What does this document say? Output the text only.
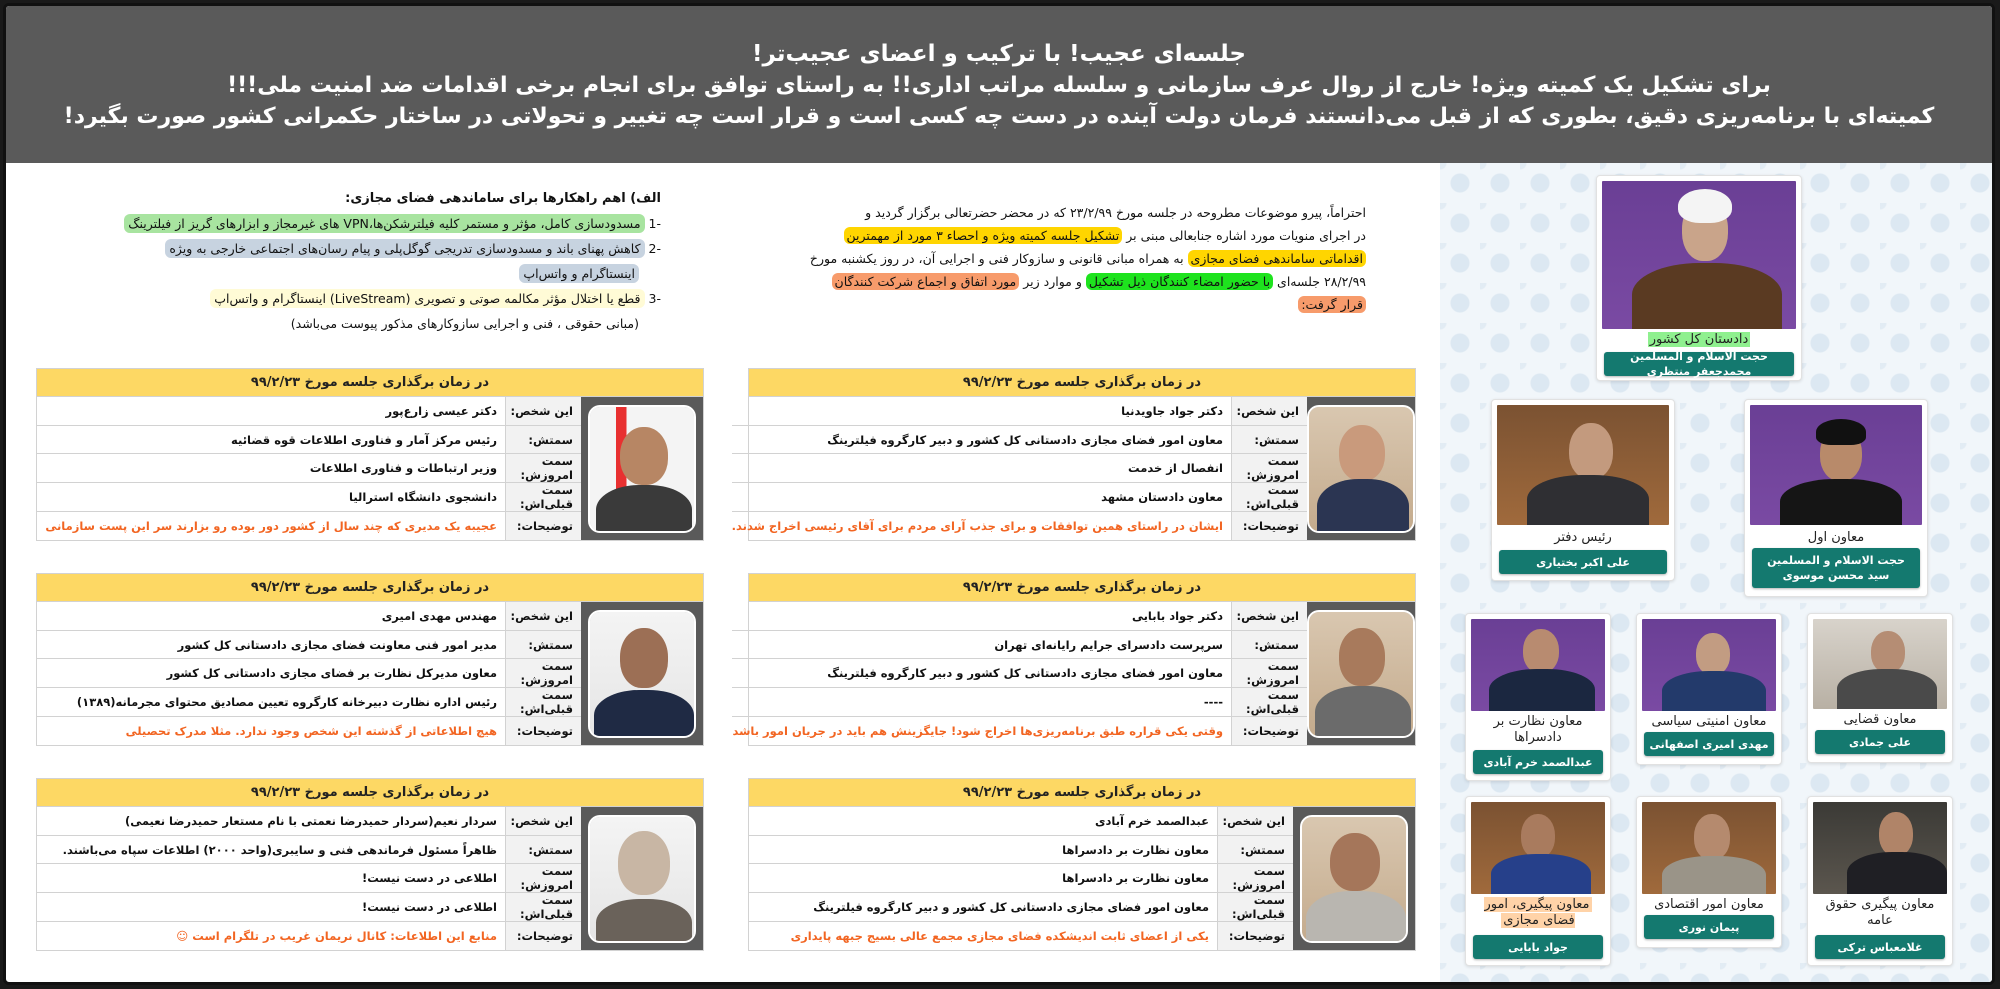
جلسه‌ای عجیب! با ترکیب و اعضای عجیب‌تر!
برای تشکیل یک کمیته ویژه! خارج از روال عرف سازمانی و سلسله مراتب اداری!! به راستای توافق برای انجام برخی اقدامات ضد امنیت ملی!!!
کمیته‌ای با برنامه‌ریزی دقیق، بطوری که از قبل می‌دانستند فرمان دولت آینده در دست چه کسی است و قرار است چه تغییر و تحولاتی در ساختار حکمرانی کشور صورت بگیرد!
الف) اهم راهکارها برای ساماندهی فضای مجازی:
-1مسدودسازی کامل، مؤثر و مستمر کلیه فیلترشکن‌ها،VPN های غیرمجاز و ابزارهای گریز از فیلترینگ
-2کاهش پهنای باند و مسدودسازی تدریجی گوگل‌پلی و پیام رسان‌های اجتماعی خارجی به ویژه
اینستاگرام و واتس‌اپ
-3قطع یا اختلال مؤثر مکالمه صوتی و تصویری (LiveStream) اینستاگرام و واتس‌اپ
(مبانی حقوقی ، فنی و اجرایی سازوکارهای مذکور پیوست می‌باشد)
احتراماً، پیرو موضوعات مطروحه در جلسه مورخ ۲۳/۲/۹۹ که در محضر حضرتعالی برگزار گردید و
در اجرای منویات مورد اشاره جنابعالی مبنی بر تشکیل جلسه کمیته ویژه و احصاء ۳ مورد از مهمترین
اقداماتی ساماندهی فضای مجازی به همراه مبانی قانونی و سازوکار فنی و اجرایی آن، در روز یکشنبه مورخ
۲۸/۲/۹۹ جلسه‌ای با حضور امضاء کنندگان ذیل تشکیل و موارد زیر مورد اتفاق و اجماع شرکت کنندگان
قرار گرفت:
در زمان برگذاری جلسه مورخ ۹۹/۲/۲۳
این شخص:
دکتر جواد جاویدنیا
سمتش:
معاون امور فضای مجازی دادستانی کل کشور و دبیر کارگروه فیلترینگ
سمت امروزش:
انفصال از خدمت
سمت قبلی‌اش:
معاون دادستان مشهد
توضیحات:
ایشان در راستای همین توافقات و برای جذب آرای مردم برای آقای رئیسی اخراج شدند.
در زمان برگذاری جلسه مورخ ۹۹/۲/۲۳
این شخص:
دکتر عیسی زارع‌پور
سمتش:
رئیس مرکز آمار و فناوری اطلاعات قوه قضائیه
سمت امروزش:
وزیر ارتباطات و فناوری اطلاعات
سمت قبلی‌اش:
دانشجوی دانشگاه استرالیا
توضیحات:
عجیبه یک مدیری که چند سال از کشور دور بوده رو بزارند سر این پست سازمانی
در زمان برگذاری جلسه مورخ ۹۹/۲/۲۳
این شخص:
دکتر جواد بابایی
سمتش:
سرپرست دادسرای جرایم رایانه‌ای تهران
سمت امروزش:
معاون امور فضای مجازی دادستانی کل کشور و دبیر کارگروه فیلترینگ
سمت قبلی‌اش:
----
توضیحات:
وقتی یکی قراره طبق برنامه‌ریزی‌ها اخراج شود! جایگزینش هم باید در جریان امور باشد
در زمان برگذاری جلسه مورخ ۹۹/۲/۲۳
این شخص:
مهندس مهدی امیری
سمتش:
مدیر امور فنی معاونت فضای مجازی دادستانی کل کشور
سمت امروزش:
معاون مدیرکل نظارت بر فضای مجازی دادستانی کل کشور
سمت قبلی‌اش:
رئیس اداره نظارت دبیرخانه کارگروه تعیین مصادیق محتوای مجرمانه(۱۳۸۹)
توضیحات:
هیچ اطلاعاتی از گذشته این شخص وجود ندارد. مثلا مدرک تحصیلی
در زمان برگذاری جلسه مورخ ۹۹/۲/۲۳
این شخص:
عبدالصمد خرم آبادی
سمتش:
معاون نظارت بر دادسراها
سمت امروزش:
معاون نظارت بر دادسراها
سمت قبلی‌اش:
معاون امور فضای مجازی دادستانی کل کشور و دبیر کارگروه فیلترینگ
توضیحات:
یکی از اعضای ثابت اندیشکده فضای مجازی مجمع عالی بسیج جبهه پایداری
در زمان برگذاری جلسه مورخ ۹۹/۲/۲۳
این شخص:
سردار نعیم(سردار حمیدرضا نعمتی با نام مستعار حمیدرضا نعیمی)
سمتش:
ظاهراً مسئول فرماندهی فنی و سایبری(واحد ۲۰۰۰) اطلاعات سپاه می‌باشند.
سمت امروزش:
اطلاعی در دست نیست!
سمت قبلی‌اش:
اطلاعی در دست نیست!
توضیحات:
منابع این اطلاعات: کانال نریمان غریب در تلگرام است ☺
دادستان کل کشور
حجت الاسلام و المسلمین محمدجعفر منتظری
معاون اول
حجت الاسلام و المسلمین سید محسن موسوی
رئیس دفتر
علی اکبر بختیاری
معاون قضایی
علی جمادی
معاون امنیتی سیاسی
مهدی امیری اصفهانی
معاون نظارت بر دادسراها
عبدالصمد خرم آبادی
معاون پیگیری حقوق عامه
غلامعباس ترکی
معاون امور اقتصادی
پیمان نوری
معاون پیگیری، امور فضای مجازی
جواد بابایی
